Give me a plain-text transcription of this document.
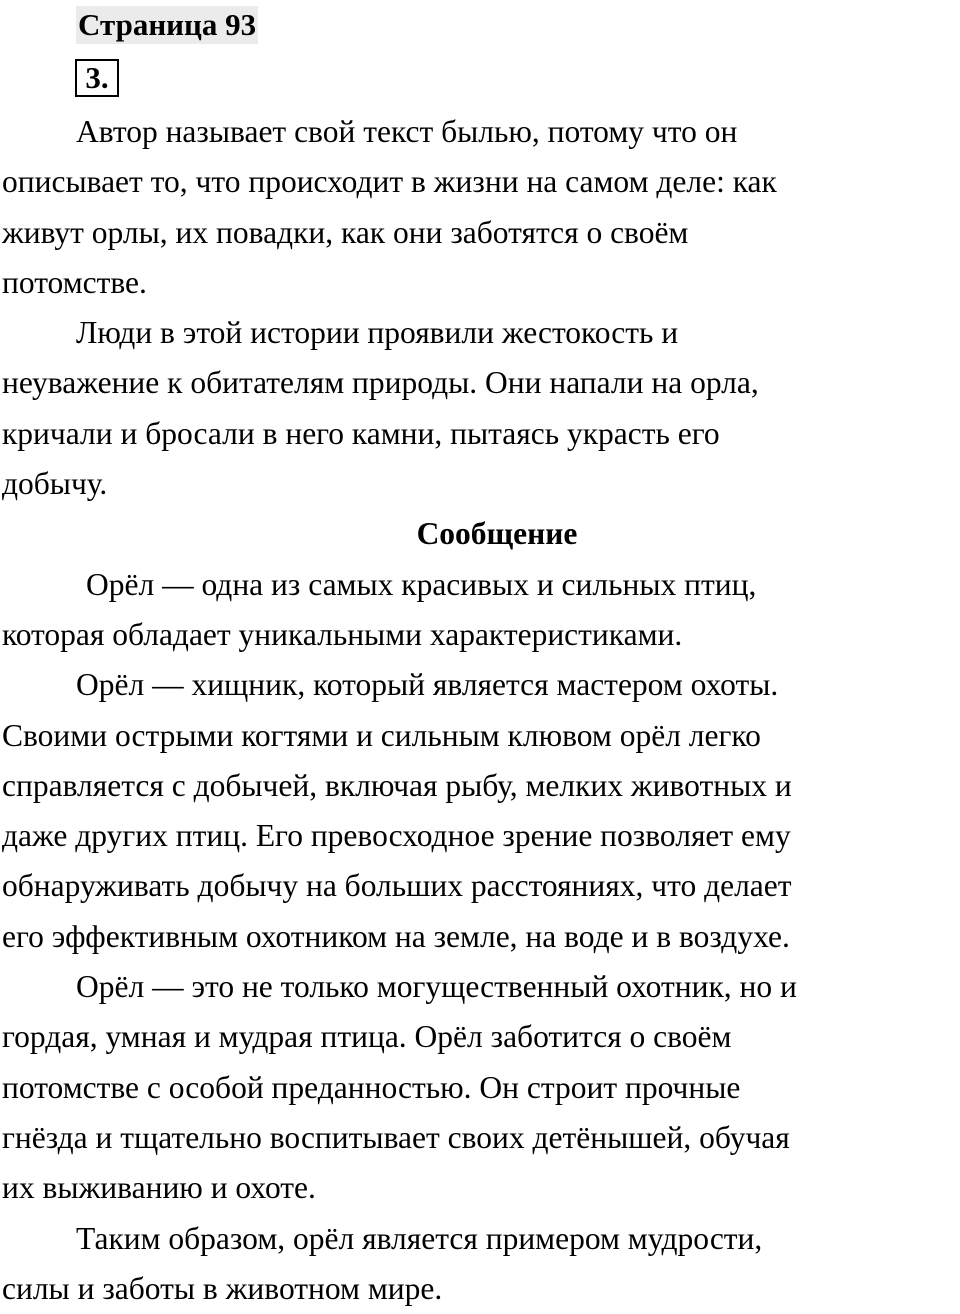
Страница 93
3.

Автор называет свой текст былью, потому что он
описывает то, что происходит в жизни на самом деле: как
живут орлы, их повадки, как они заботятся о своём
потомстве.

Люди в этой истории проявили жестокость и
неуважение к обитателям природы. Они напали на орла,
кричали и бросали в него камни, пытаясь украсть его
добычу.

Сообщение

Орёл — одна из самых красивых и сильных птиц,
которая обладает уникальными характеристиками.

Орёл — хищник, который является мастером охоты.
Своими острыми когтями и сильным клювом орёл легко
справляется с добычей, включая рыбу, мелких животных и
даже других птиц. Его превосходное зрение позволяет ему
обнаруживать добычу на больших расстояниях, что делает
его эффективным охотником на земле, на воде и в воздухе.

Орёл — это не только могущественный охотник, но и
гордая, умная и мудрая птица. Орёл заботится о своём
потомстве с особой преданностью. Он строит прочные
гнёзда и тщательно воспитывает своих детёнышей, обучая
их выживанию и охоте.

Таким образом, орёл является примером мудрости,
силы и заботы в животном мире.
